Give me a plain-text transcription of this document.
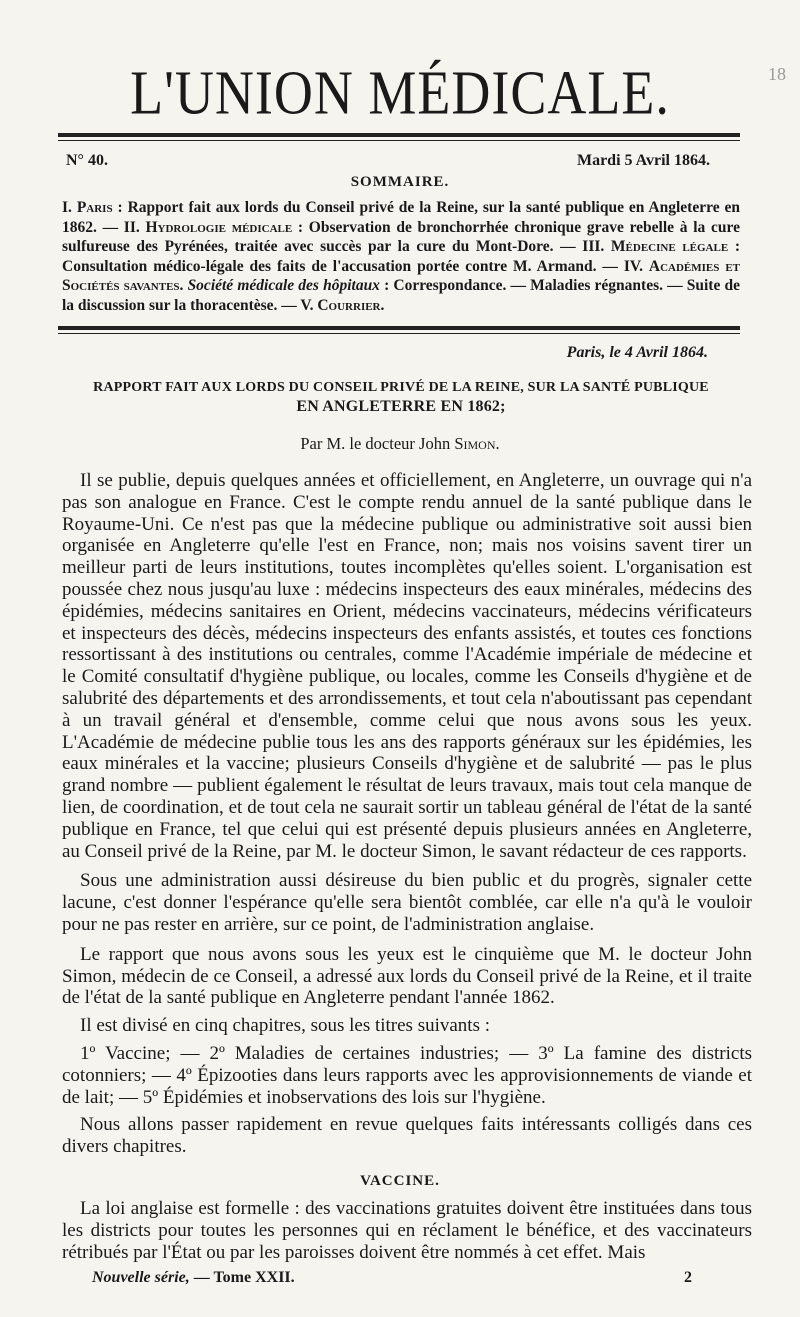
18
L'UNION MÉDICALE.
N° 40.	Mardi 5 Avril 1864.
SOMMAIRE.
I. Paris : Rapport fait aux lords du Conseil privé de la Reine, sur la santé publique en Angleterre en 1862. — II. Hydrologie médicale : Observation de bronchorrhée chronique grave rebelle à la cure sulfureuse des Pyrénées, traitée avec succès par la cure du Mont-Dore. — III. Médecine légale : Consultation médico-légale des faits de l'accusation portée contre M. Armand. — IV. Académies et Sociétés savantes. Société médicale des hôpitaux : Correspondance. — Maladies régnantes. — Suite de la discussion sur la thoracentèse. — V. Courrier.
Paris, le 4 Avril 1864.
RAPPORT FAIT AUX LORDS DU CONSEIL PRIVÉ DE LA REINE, SUR LA SANTÉ PUBLIQUE
EN ANGLETERRE EN 1862;
Par M. le docteur John Simon.

Il se publie, depuis quelques années et officiellement, en Angleterre, un ouvrage qui n'a pas son analogue en France. C'est le compte rendu annuel de la santé publique dans le Royaume-Uni. Ce n'est pas que la médecine publique ou administrative soit aussi bien organisée en Angleterre qu'elle l'est en France, non; mais nos voisins savent tirer un meilleur parti de leurs institutions, toutes incomplètes qu'elles soient. L'organisation est poussée chez nous jusqu'au luxe : médecins inspecteurs des eaux minérales, médecins des épidémies, médecins sanitaires en Orient, médecins vaccinateurs, médecins vérificateurs et inspecteurs des décès, médecins inspecteurs des enfants assistés, et toutes ces fonctions ressortissant à des institutions ou centrales, comme l'Académie impériale de médecine et le Comité consultatif d'hygiène publique, ou locales, comme les Conseils d'hygiène et de salubrité des départements et des arrondissements, et tout cela n'aboutissant pas cependant à un travail général et d'ensemble, comme celui que nous avons sous les yeux. L'Académie de médecine publie tous les ans des rapports généraux sur les épidémies, les eaux minérales et la vaccine; plusieurs Conseils d'hygiène et de salubrité — pas le plus grand nombre — publient également le résultat de leurs travaux, mais tout cela manque de lien, de coordination, et de tout cela ne saurait sortir un tableau général de l'état de la santé publique en France, tel que celui qui est présenté depuis plusieurs années en Angleterre, au Conseil privé de la Reine, par M. le docteur Simon, le savant rédacteur de ces rapports.

Sous une administration aussi désireuse du bien public et du progrès, signaler cette lacune, c'est donner l'espérance qu'elle sera bientôt comblée, car elle n'a qu'à le vouloir pour ne pas rester en arrière, sur ce point, de l'administration anglaise.

Le rapport que nous avons sous les yeux est le cinquième que M. le docteur John Simon, médecin de ce Conseil, a adressé aux lords du Conseil privé de la Reine, et il traite de l'état de la santé publique en Angleterre pendant l'année 1862.

Il est divisé en cinq chapitres, sous les titres suivants :

1º Vaccine; — 2º Maladies de certaines industries; — 3º La famine des districts cotonniers; — 4º Épizooties dans leurs rapports avec les approvisionnements de viande et de lait; — 5º Épidémies et inobservations des lois sur l'hygiène.

Nous allons passer rapidement en revue quelques faits intéressants colligés dans ces divers chapitres.

VACCINE.

La loi anglaise est formelle : des vaccinations gratuites doivent être instituées dans tous les districts pour toutes les personnes qui en réclament le bénéfice, et des vaccinateurs rétribués par l'État ou par les paroisses doivent être nommés à cet effet. Mais

Nouvelle série, — Tome XXII.	2
